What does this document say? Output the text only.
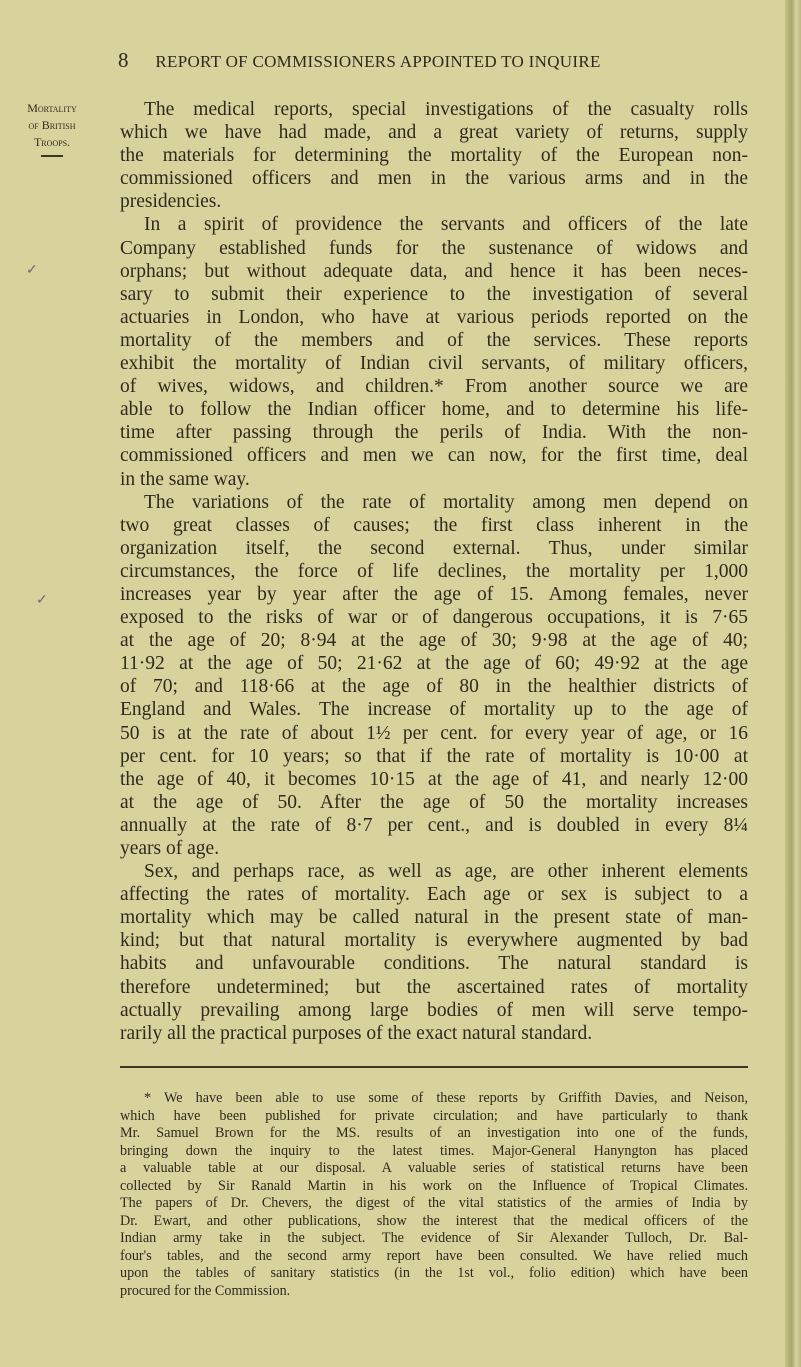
8 REPORT OF COMMISSIONERS APPOINTED TO INQUIRE
Mortality
of British
Troops.
✓
✓
The medical reports, special investigations of the casualty rolls
which we have had made, and a great variety of returns, supply
the materials for determining the mortality of the European non-
commissioned officers and men in the various arms and in the
presidencies.
In a spirit of providence the servants and officers of the late
Company established funds for the sustenance of widows and
orphans; but without adequate data, and hence it has been neces-
sary to submit their experience to the investigation of several
actuaries in London, who have at various periods reported on the
mortality of the members and of the services. These reports
exhibit the mortality of Indian civil servants, of military officers,
of wives, widows, and children.* From another source we are
able to follow the Indian officer home, and to determine his life-
time after passing through the perils of India. With the non-
commissioned officers and men we can now, for the first time, deal
in the same way.
The variations of the rate of mortality among men depend on
two great classes of causes; the first class inherent in the
organization itself, the second external. Thus, under similar
circumstances, the force of life declines, the mortality per 1,000
increases year by year after the age of 15. Among females, never
exposed to the risks of war or of dangerous occupations, it is 7·65
at the age of 20; 8·94 at the age of 30; 9·98 at the age of 40;
11·92 at the age of 50; 21·62 at the age of 60; 49·92 at the age
of 70; and 118·66 at the age of 80 in the healthier districts of
England and Wales. The increase of mortality up to the age of
50 is at the rate of about 1½ per cent. for every year of age, or 16
per cent. for 10 years; so that if the rate of mortality is 10·00 at
the age of 40, it becomes 10·15 at the age of 41, and nearly 12·00
at the age of 50. After the age of 50 the mortality increases
annually at the rate of 8·7 per cent., and is doubled in every 8¼
years of age.
Sex, and perhaps race, as well as age, are other inherent elements
affecting the rates of mortality. Each age or sex is subject to a
mortality which may be called natural in the present state of man-
kind; but that natural mortality is everywhere augmented by bad
habits and unfavourable conditions. The natural standard is
therefore undetermined; but the ascertained rates of mortality
actually prevailing among large bodies of men will serve tempo-
rarily all the practical purposes of the exact natural standard.
* We have been able to use some of these reports by Griffith Davies, and Neison,
which have been published for private circulation; and have particularly to thank
Mr. Samuel Brown for the MS. results of an investigation into one of the funds,
bringing down the inquiry to the latest times. Major-General Hanyngton has placed
a valuable table at our disposal. A valuable series of statistical returns have been
collected by Sir Ranald Martin in his work on the Influence of Tropical Climates.
The papers of Dr. Chevers, the digest of the vital statistics of the armies of India by
Dr. Ewart, and other publications, show the interest that the medical officers of the
Indian army take in the subject. The evidence of Sir Alexander Tulloch, Dr. Bal-
four's tables, and the second army report have been consulted. We have relied much
upon the tables of sanitary statistics (in the 1st vol., folio edition) which have been
procured for the Commission.
